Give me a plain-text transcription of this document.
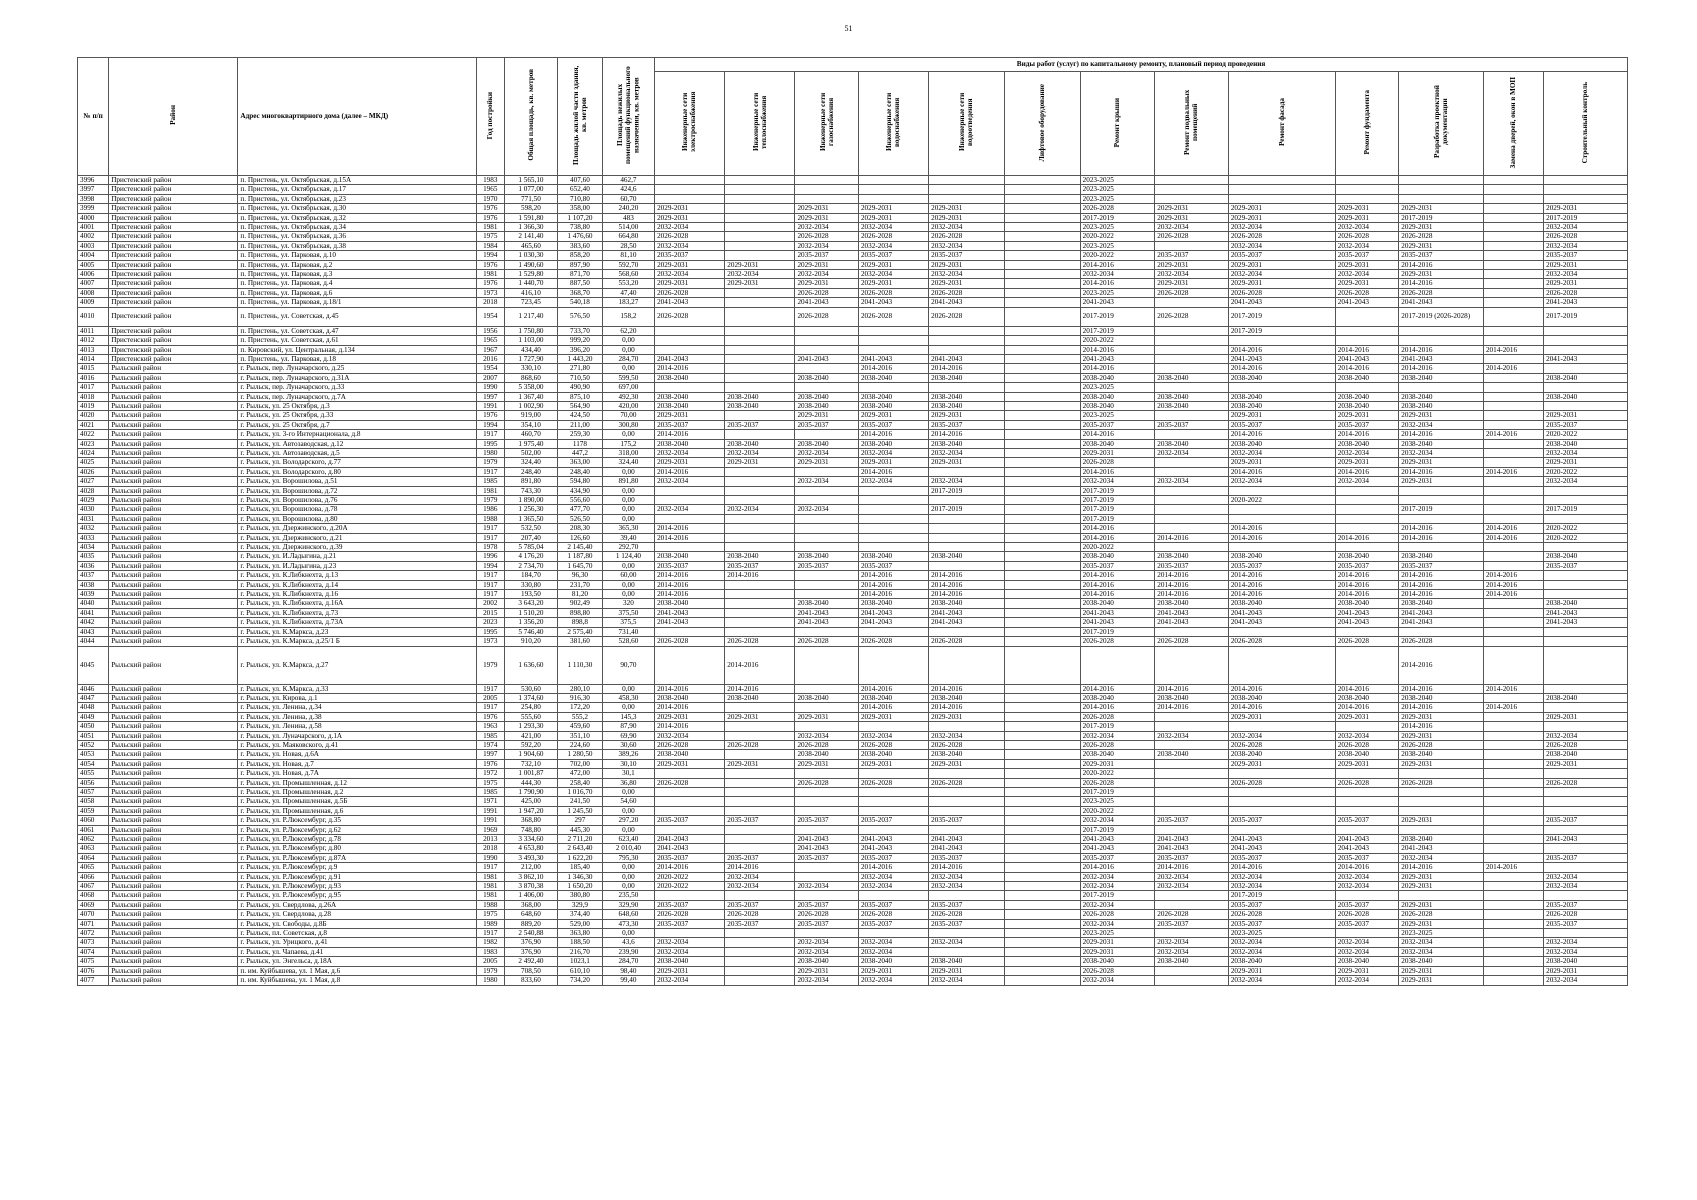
51
№ п/п	Район	Адрес многоквартирного дома (далее – МКД)	Год постройки	Общая площадь, кв. метров	Площадь жилой части здания, кв. метров	Площадь нежилых помещений функционального назначения, кв. метров	Виды работ (услуг) по капитальному ремонту, плановый период проведения												
							Инженерные сети электроснабжения	Инженерные сети теплоснабжения	Инженерные сети газоснабжения	Инженерные сети водоснабжения	Инженерные сети водоотведения	Лифтовое оборудование	Ремонт крыши	Ремонт подвальных помещений	Ремонт фасада	Ремонт фундамента	Разработка проектной документации	Замена дверей, окон в МОП	Строительный контроль
3996	Пристенский район	п. Пристень, ул. Октябрьская, д.15А	1983	1 565,10	407,60	462,7							2023-2025						
3997	Пристенский район	п. Пристень, ул. Октябрьская, д.17	1965	1 077,00	652,40	424,6							2023-2025						
3998	Пристенский район	п. Пристень, ул. Октябрьская, д.23	1970	771,50	710,80	60,70							2023-2025						
3999	Пристенский район	п. Пристень, ул. Октябрьская, д.30	1976	598,20	358,00	240,20	2029-2031		2029-2031	2029-2031	2029-2031		2026-2028	2029-2031	2029-2031	2029-2031	2029-2031		2029-2031
4000	Пристенский район	п. Пристень, ул. Октябрьская, д.32	1976	1 591,80	1 107,20	483	2029-2031		2029-2031	2029-2031	2029-2031		2017-2019	2029-2031	2029-2031	2029-2031	2017-2019		2017-2019
4001	Пристенский район	п. Пристень, ул. Октябрьская, д.34	1981	1 366,30	738,80	514,00	2032-2034		2032-2034	2032-2034	2032-2034		2023-2025	2032-2034	2032-2034	2032-2034	2029-2031		2032-2034
4002	Пристенский район	п. Пристень, ул. Октябрьская, д.36	1975	2 141,40	1 476,60	664,80	2026-2028		2026-2028	2026-2028	2026-2028		2020-2022	2026-2028	2026-2028	2026-2028	2026-2028		2026-2028
4003	Пристенский район	п. Пристень, ул. Октябрьская, д.38	1984	465,60	383,60	28,50	2032-2034		2032-2034	2032-2034	2032-2034		2023-2025		2032-2034	2032-2034	2029-2031		2032-2034
4004	Пристенский район	п. Пристень, ул. Парковая, д.10	1994	1 030,30	858,20	81,10	2035-2037		2035-2037	2035-2037	2035-2037		2020-2022	2035-2037	2035-2037	2035-2037	2035-2037		2035-2037
4005	Пристенский район	п. Пристень, ул. Парковая, д.2	1976	1 490,60	897,90	592,70	2029-2031	2029-2031	2029-2031	2029-2031	2029-2031		2014-2016	2029-2031	2029-2031	2029-2031	2014-2016		2029-2031
4006	Пристенский район	п. Пристень, ул. Парковая, д.3	1981	1 529,80	871,70	568,60	2032-2034	2032-2034	2032-2034	2032-2034	2032-2034		2032-2034	2032-2034	2032-2034	2032-2034	2029-2031		2032-2034
4007	Пристенский район	п. Пристень, ул. Парковая, д.4	1976	1 440,70	887,50	553,20	2029-2031	2029-2031	2029-2031	2029-2031	2029-2031		2014-2016	2029-2031	2029-2031	2029-2031	2014-2016		2029-2031
4008	Пристенский район	п. Пристень, ул. Парковая, д.6	1973	416,10	368,70	47,40	2026-2028		2026-2028	2026-2028	2026-2028		2023-2025	2026-2028	2026-2028	2026-2028	2026-2028		2026-2028
4009	Пристенский район	п. Пристень, ул. Парковая, д.18/1	2018	723,45	540,18	183,27	2041-2043		2041-2043	2041-2043	2041-2043		2041-2043		2041-2043	2041-2043	2041-2043		2041-2043
4010	Пристенский район	п. Пристень, ул. Советская, д.45	1954	1 217,40	576,50	158,2	2026-2028		2026-2028	2026-2028	2026-2028		2017-2019	2026-2028	2017-2019		2017-2019 (2026-2028)		2017-2019
4011	Пристенский район	п. Пристень, ул. Советская, д.47	1956	1 750,80	733,70	62,20							2017-2019		2017-2019				
4012	Пристенский район	п. Пристень, ул. Советская, д.61	1965	1 103,00	999,20	0,00							2020-2022						
4013	Пристенский район	п. Кировский, ул. Центральная, д.134	1967	434,40	396,20	0,00							2014-2016		2014-2016	2014-2016	2014-2016	2014-2016	
4014	Пристенский район	п. Пристень, ул. Парковая, д.18	2016	1 727,90	1 443,20	284,70	2041-2043		2041-2043	2041-2043	2041-2043		2041-2043		2041-2043	2041-2043	2041-2043		2041-2043
4015	Рыльский район	г. Рыльск, пер. Луначарского, д.25	1954	330,10	271,80	0,00	2014-2016			2014-2016	2014-2016		2014-2016		2014-2016	2014-2016	2014-2016	2014-2016	
4016	Рыльский район	г. Рыльск, пер. Луначарского, д.31А	2007	868,60	710,50	599,50	2038-2040		2038-2040	2038-2040	2038-2040		2038-2040	2038-2040	2038-2040	2038-2040	2038-2040		2038-2040
4017	Рыльский район	г. Рыльск, пер. Луначарского, д.33	1990	5 358,00	490,90	697,00							2023-2025						
4018	Рыльский район	г. Рыльск, пер. Луначарского, д.7А	1997	1 367,40	875,10	492,30	2038-2040	2038-2040	2038-2040	2038-2040	2038-2040		2038-2040	2038-2040	2038-2040	2038-2040	2038-2040		2038-2040
4019	Рыльский район	г. Рыльск, ул. 25 Октября, д.3	1991	1 002,90	564,90	420,00	2038-2040	2038-2040	2038-2040	2038-2040	2038-2040		2038-2040	2038-2040	2038-2040	2038-2040	2038-2040		
4020	Рыльский район	г. Рыльск, ул. 25 Октября, д.33	1976	919,00	424,50	70,00	2029-2031		2029-2031	2029-2031	2029-2031		2023-2025		2029-2031	2029-2031	2029-2031		2029-2031
4021	Рыльский район	г. Рыльск, ул. 25 Октября, д.7	1994	354,10	211,00	300,80	2035-2037	2035-2037	2035-2037	2035-2037	2035-2037		2035-2037	2035-2037	2035-2037	2035-2037	2032-2034		2035-2037
4022	Рыльский район	г. Рыльск, ул. 3-го Интернационала, д.8	1917	460,70	259,30	0,00	2014-2016			2014-2016	2014-2016		2014-2016		2014-2016	2014-2016	2014-2016	2014-2016	2020-2022
4023	Рыльский район	г. Рыльск, ул. Автозаводская, д.12	1995	1 975,40	1178	175,2	2038-2040	2038-2040	2038-2040	2038-2040	2038-2040		2038-2040	2038-2040	2038-2040	2038-2040	2038-2040		2038-2040
4024	Рыльский район	г. Рыльск, ул. Автозаводская, д.5	1980	502,00	447,2	318,00	2032-2034	2032-2034	2032-2034	2032-2034	2032-2034		2029-2031	2032-2034	2032-2034	2032-2034	2032-2034		2032-2034
4025	Рыльский район	г. Рыльск, ул. Володарского, д.77	1979	324,40	363,00	324,40	2029-2031	2029-2031	2029-2031	2029-2031	2029-2031		2026-2028		2029-2031	2029-2031	2029-2031		2029-2031
4026	Рыльский район	г. Рыльск, ул. Володарского, д.80	1917	248,40	248,40	0,00	2014-2016			2014-2016			2014-2016		2014-2016	2014-2016	2014-2016	2014-2016	2020-2022
4027	Рыльский район	г. Рыльск, ул. Ворошилова, д.51	1985	891,80	594,80	891,80	2032-2034		2032-2034	2032-2034	2032-2034		2032-2034	2032-2034	2032-2034	2032-2034	2029-2031		2032-2034
4028	Рыльский район	г. Рыльск, ул. Ворошилова, д.72	1981	743,30	434,90	0,00					2017-2019		2017-2019						
4029	Рыльский район	г. Рыльск, ул. Ворошилова, д.76	1979	1 890,00	556,60	0,00							2017-2019		2020-2022				
4030	Рыльский район	г. Рыльск, ул. Ворошилова, д.78	1986	1 256,30	477,70	0,00	2032-2034	2032-2034	2032-2034		2017-2019		2017-2019				2017-2019		2017-2019
4031	Рыльский район	г. Рыльск, ул. Ворошилова, д.80	1988	1 365,50	526,50	0,00							2017-2019						
4032	Рыльский район	г. Рыльск, ул. Дзержинского, д.20А	1917	532,50	208,30	365,30	2014-2016						2014-2016		2014-2016		2014-2016	2014-2016	2020-2022
4033	Рыльский район	г. Рыльск, ул. Дзержинского, д.21	1917	207,40	126,60	39,40	2014-2016						2014-2016	2014-2016	2014-2016	2014-2016	2014-2016	2014-2016	2020-2022
4034	Рыльский район	г. Рыльск, ул. Дзержинского, д.39	1978	5 785,04	2 145,40	292,70							2020-2022						
4035	Рыльский район	г. Рыльск, ул. И.Ладыгина, д.21	1996	4 176,20	1 187,80	1 124,40	2038-2040	2038-2040	2038-2040	2038-2040	2038-2040		2038-2040	2038-2040	2038-2040	2038-2040	2038-2040		2038-2040
4036	Рыльский район	г. Рыльск, ул. И.Ладыгина, д.23	1994	2 734,70	1 645,70	0,00	2035-2037	2035-2037	2035-2037	2035-2037			2035-2037	2035-2037	2035-2037	2035-2037	2035-2037		2035-2037
4037	Рыльский район	г. Рыльск, ул. К.Либкнехта, д.13	1917	184,70	96,30	60,00	2014-2016	2014-2016		2014-2016	2014-2016		2014-2016	2014-2016	2014-2016	2014-2016	2014-2016	2014-2016	
4038	Рыльский район	г. Рыльск, ул. К.Либкнехта, д.14	1917	330,80	231,70	0,00	2014-2016			2014-2016	2014-2016		2014-2016	2014-2016	2014-2016	2014-2016	2014-2016	2014-2016	
4039	Рыльский район	г. Рыльск, ул. К.Либкнехта, д.16	1917	193,50	81,20	0,00	2014-2016			2014-2016	2014-2016		2014-2016	2014-2016	2014-2016	2014-2016	2014-2016	2014-2016	
4040	Рыльский район	г. Рыльск, ул. К.Либкнехта, д.16А	2002	3 643,20	902,49	320	2038-2040		2038-2040	2038-2040	2038-2040		2038-2040	2038-2040	2038-2040	2038-2040	2038-2040		2038-2040
4041	Рыльский район	г. Рыльск, ул. К.Либкнехта, д.73	2015	1 510,20	898,80	375,50	2041-2043		2041-2043	2041-2043	2041-2043		2041-2043	2041-2043	2041-2043	2041-2043	2041-2043		2041-2043
4042	Рыльский район	г. Рыльск, ул. К.Либкнехта, д.73А	2023	1 356,20	898,8	375,5	2041-2043		2041-2043	2041-2043	2041-2043		2041-2043	2041-2043	2041-2043	2041-2043	2041-2043		2041-2043
4043	Рыльский район	г. Рыльск, ул. К.Маркса, д.23	1995	5 746,40	2 575,40	731,40							2017-2019						
4044	Рыльский район	г. Рыльск, ул. К.Маркса, д.25/1 Б	1973	910,20	381,60	528,60	2026-2028	2026-2028	2026-2028	2026-2028	2026-2028		2026-2028	2026-2028	2026-2028	2026-2028	2026-2028		
4045	Рыльский район	г. Рыльск, ул. К.Маркса, д.27	1979	1 636,60	1 110,30	90,70		2014-2016									2014-2016		
4046	Рыльский район	г. Рыльск, ул. К.Маркса, д.33	1917	530,60	280,10	0,00	2014-2016	2014-2016		2014-2016	2014-2016		2014-2016	2014-2016	2014-2016	2014-2016	2014-2016	2014-2016	
4047	Рыльский район	г. Рыльск, ул. Кирова, д.1	2005	1 374,60	916,30	458,30	2038-2040	2038-2040	2038-2040	2038-2040	2038-2040		2038-2040	2038-2040	2038-2040	2038-2040	2038-2040		2038-2040
4048	Рыльский район	г. Рыльск, ул. Ленина, д.34	1917	254,80	172,20	0,00	2014-2016			2014-2016	2014-2016		2014-2016	2014-2016	2014-2016	2014-2016	2014-2016	2014-2016	
4049	Рыльский район	г. Рыльск, ул. Ленина, д.38	1976	555,60	555,2	145,3	2029-2031	2029-2031	2029-2031	2029-2031	2029-2031		2026-2028		2029-2031	2029-2031	2029-2031		2029-2031
4050	Рыльский район	г. Рыльск, ул. Ленина, д.58	1963	1 293,30	459,60	87,90	2014-2016						2017-2019				2014-2016		
4051	Рыльский район	г. Рыльск, ул. Луначарского, д.1А	1985	421,00	351,10	69,90	2032-2034		2032-2034	2032-2034	2032-2034		2032-2034	2032-2034	2032-2034	2032-2034	2029-2031		2032-2034
4052	Рыльский район	г. Рыльск, ул. Маяковского, д.41	1974	592,20	224,60	30,60	2026-2028	2026-2028	2026-2028	2026-2028	2026-2028		2026-2028		2026-2028	2026-2028	2026-2028		2026-2028
4053	Рыльский район	г. Рыльск, ул. Новая, д.6А	1997	1 904,60	1 280,50	389,26	2038-2040		2038-2040	2038-2040	2038-2040		2038-2040	2038-2040	2038-2040	2038-2040	2038-2040		2038-2040
4054	Рыльский район	г. Рыльск, ул. Новая, д.7	1976	732,10	702,00	30,10	2029-2031	2029-2031	2029-2031	2029-2031	2029-2031		2029-2031		2029-2031	2029-2031	2029-2031		2029-2031
4055	Рыльский район	г. Рыльск, ул. Новая, д.7А	1972	1 001,87	472,00	30,1							2020-2022						
4056	Рыльский район	г. Рыльск, ул. Промышленная, д.12	1975	444,30	258,40	36,80	2026-2028		2026-2028	2026-2028	2026-2028		2026-2028		2026-2028	2026-2028	2026-2028		2026-2028
4057	Рыльский район	г. Рыльск, ул. Промышленная, д.2	1985	1 790,90	1 016,70	0,00							2017-2019						
4058	Рыльский район	г. Рыльск, ул. Промышленная, д.5Б	1971	425,00	241,50	54,60							2023-2025						
4059	Рыльский район	г. Рыльск, ул. Промышленная, д.6	1991	1 947,20	1 245,50	0,00							2020-2022						
4060	Рыльский район	г. Рыльск, ул. Р.Люксембург, д.35	1991	368,80	297	297,20	2035-2037	2035-2037	2035-2037	2035-2037	2035-2037		2032-2034	2035-2037	2035-2037	2035-2037	2029-2031		2035-2037
4061	Рыльский район	г. Рыльск, ул. Р.Люксембург, д.62	1969	748,80	445,30	0,00							2017-2019						
4062	Рыльский район	г. Рыльск, ул. Р.Люксембург, д.78	2013	3 334,60	2 711,20	623,40	2041-2043		2041-2043	2041-2043	2041-2043		2041-2043	2041-2043	2041-2043	2041-2043	2038-2040		2041-2043
4063	Рыльский район	г. Рыльск, ул. Р.Люксембург, д.80	2018	4 653,80	2 643,40	2 010,40	2041-2043		2041-2043	2041-2043	2041-2043		2041-2043	2041-2043	2041-2043	2041-2043	2041-2043		
4064	Рыльский район	г. Рыльск, ул. Р.Люксембург, д.87А	1990	3 493,30	1 622,20	795,30	2035-2037	2035-2037	2035-2037	2035-2037	2035-2037		2035-2037	2035-2037	2035-2037	2035-2037	2032-2034		2035-2037
4065	Рыльский район	г. Рыльск, ул. Р.Люксембург, д.9	1917	212,00	185,40	0,00	2014-2016	2014-2016		2014-2016	2014-2016		2014-2016	2014-2016	2014-2016	2014-2016	2014-2016	2014-2016	
4066	Рыльский район	г. Рыльск, ул. Р.Люксембург, д.91	1981	3 862,10	1 346,30	0,00	2020-2022	2032-2034		2032-2034	2032-2034		2032-2034	2032-2034	2032-2034	2032-2034	2029-2031		2032-2034
4067	Рыльский район	г. Рыльск, ул. Р.Люксембург, д.93	1981	3 870,38	1 650,20	0,00	2020-2022	2032-2034	2032-2034	2032-2034	2032-2034		2032-2034	2032-2034	2032-2034	2032-2034	2029-2031		2032-2034
4068	Рыльский район	г. Рыльск, ул. Р.Люксембург, д.95	1981	1 406,00	380,80	235,50							2017-2019		2017-2019				
4069	Рыльский район	г. Рыльск, ул. Свердлова, д.26А	1988	368,00	329,9	329,90	2035-2037	2035-2037	2035-2037	2035-2037	2035-2037		2032-2034		2035-2037	2035-2037	2029-2031		2035-2037
4070	Рыльский район	г. Рыльск, ул. Свердлова, д.28	1975	648,60	374,40	648,60	2026-2028	2026-2028	2026-2028	2026-2028	2026-2028		2026-2028	2026-2028	2026-2028	2026-2028	2026-2028		2026-2028
4071	Рыльский район	г. Рыльск, ул. Свободы, д.8Б	1989	889,20	529,00	473,30	2035-2037	2035-2037	2035-2037	2035-2037	2035-2037		2032-2034	2035-2037	2035-2037	2035-2037	2029-2031		2035-2037
4072	Рыльский район	г. Рыльск, пл. Советская, д.8	1917	2 540,88	363,80	0,00							2023-2025		2023-2025		2023-2025		
4073	Рыльский район	г. Рыльск, ул. Урицкого, д.41	1982	376,90	188,50	43,6	2032-2034		2032-2034	2032-2034	2032-2034		2029-2031	2032-2034	2032-2034	2032-2034	2032-2034		2032-2034
4074	Рыльский район	г. Рыльск, ул. Чапаева, д.41	1983	376,90	216,70	239,90	2032-2034		2032-2034	2032-2034			2029-2031	2032-2034	2032-2034	2032-2034	2032-2034		2032-2034
4075	Рыльский район	г. Рыльск, ул. Энгельса, д.18А	2005	2 492,40	1023,1	284,70	2038-2040		2038-2040	2038-2040	2038-2040		2038-2040	2038-2040	2038-2040	2038-2040	2038-2040		2038-2040
4076	Рыльский район	п. им. Куйбышева, ул. 1 Мая, д.6	1979	708,50	610,10	98,40	2029-2031		2029-2031	2029-2031	2029-2031		2026-2028		2029-2031	2029-2031	2029-2031		2029-2031
4077	Рыльский район	п. им. Куйбышева, ул. 1 Мая, д.8	1980	833,60	734,20	99,40	2032-2034		2032-2034	2032-2034	2032-2034		2032-2034		2032-2034	2032-2034	2029-2031		2032-2034
